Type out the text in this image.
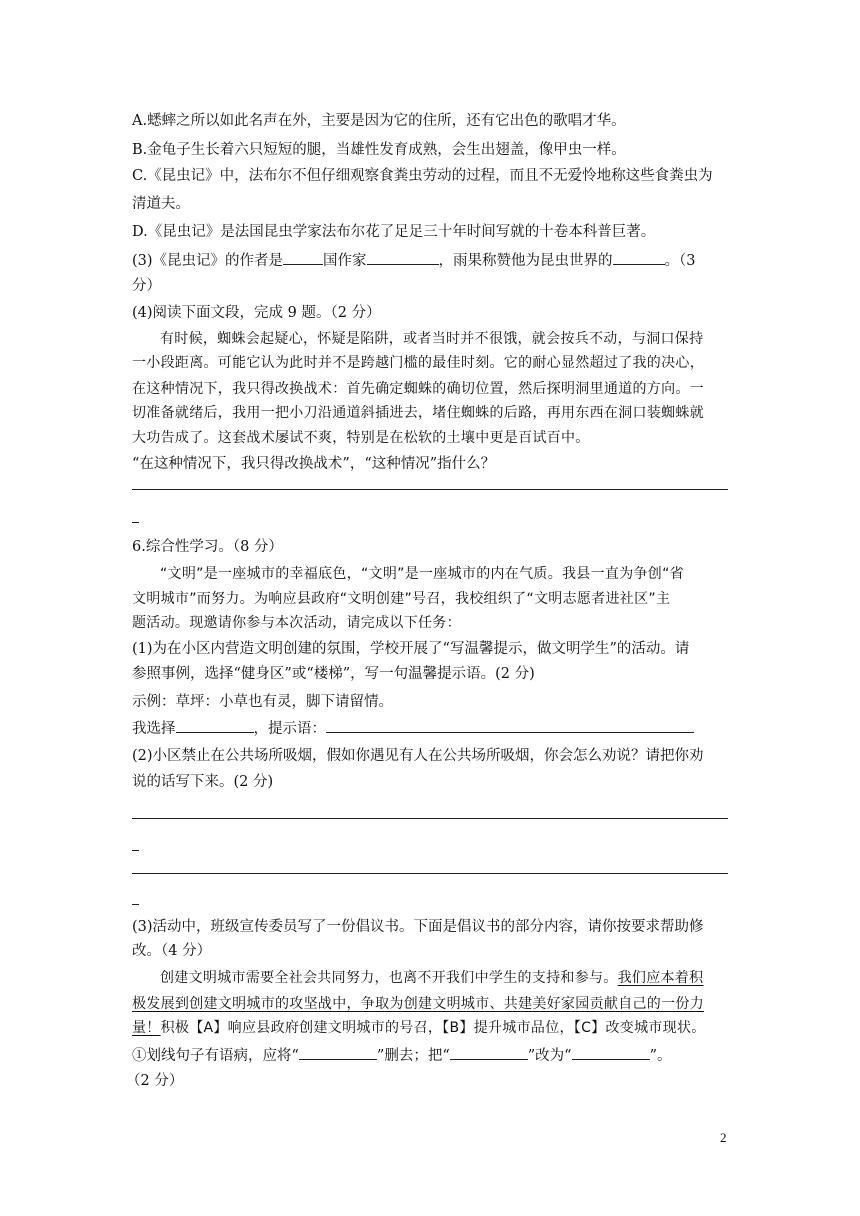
A.蟋蟀之所以如此名声在外，主要是因为它的住所，还有它出色的歌唱才华。
B.金龟子生长着六只短短的腿，当雄性发育成熟，会生出翅盖，像甲虫一样。
C.《昆虫记》中，法布尔不但仔细观察食粪虫劳动的过程，而且不无爱怜地称这些食粪虫为
清道夫。
D.《昆虫记》是法国昆虫学家法布尔花了足足三十年时间写就的十卷本科普巨著。
(3)《昆虫记》的作者是	国作家	，雨果称赞他为昆虫世界的	。（3
分）
(4)阅读下面文段，完成 9 题。（2 分）
有时候，蜘蛛会起疑心，怀疑是陷阱，或者当时并不很饿，就会按兵不动，与洞口保持
一小段距离。可能它认为此时并不是跨越门槛的最佳时刻。它的耐心显然超过了我的决心，
在这种情况下，我只得改换战术：首先确定蜘蛛的确切位置，然后探明洞里通道的方向。一
切准备就绪后，我用一把小刀沿通道斜插进去，堵住蜘蛛的后路，再用东西在洞口装蜘蛛就
大功告成了。这套战术屡试不爽，特别是在松软的土壤中更是百试百中。
“在这种情况下，我只得改换战术”，“这种情况”指什么？
6.综合性学习。（8 分）
“文明”是一座城市的幸福底色，“文明”是一座城市的内在气质。我县一直为争创“省
文明城市”而努力。为响应县政府“文明创建”号召，我校组织了“文明志愿者进社区”主
题活动。现邀请你参与本次活动，请完成以下任务：
(1)为在小区内营造文明创建的氛围，学校开展了“写温馨提示，做文明学生”的活动。请
参照事例，选择“健身区”或“楼梯”，写一句温馨提示语。(2 分)
示例：草坪：小草也有灵，脚下请留情。
我选择	，提示语：
(2)小区禁止在公共场所吸烟，假如你遇见有人在公共场所吸烟，你会怎么劝说？请把你劝
说的话写下来。(2 分)
(3)活动中，班级宣传委员写了一份倡议书。下面是倡议书的部分内容，请你按要求帮助修
改。（4 分）
创建文明城市需要全社会共同努力，也离不开我们中学生的支持和参与。我们应本着积
极发展到创建文明城市的攻坚战中，争取为创建文明城市、共建美好家园贡献自己的一份力
量！积极【A】响应县政府创建文明城市的号召，【B】提升城市品位，【C】改变城市现状。
①划线句子有语病，应将“	”删去；把“	”改为“	”。
（2 分）
2
